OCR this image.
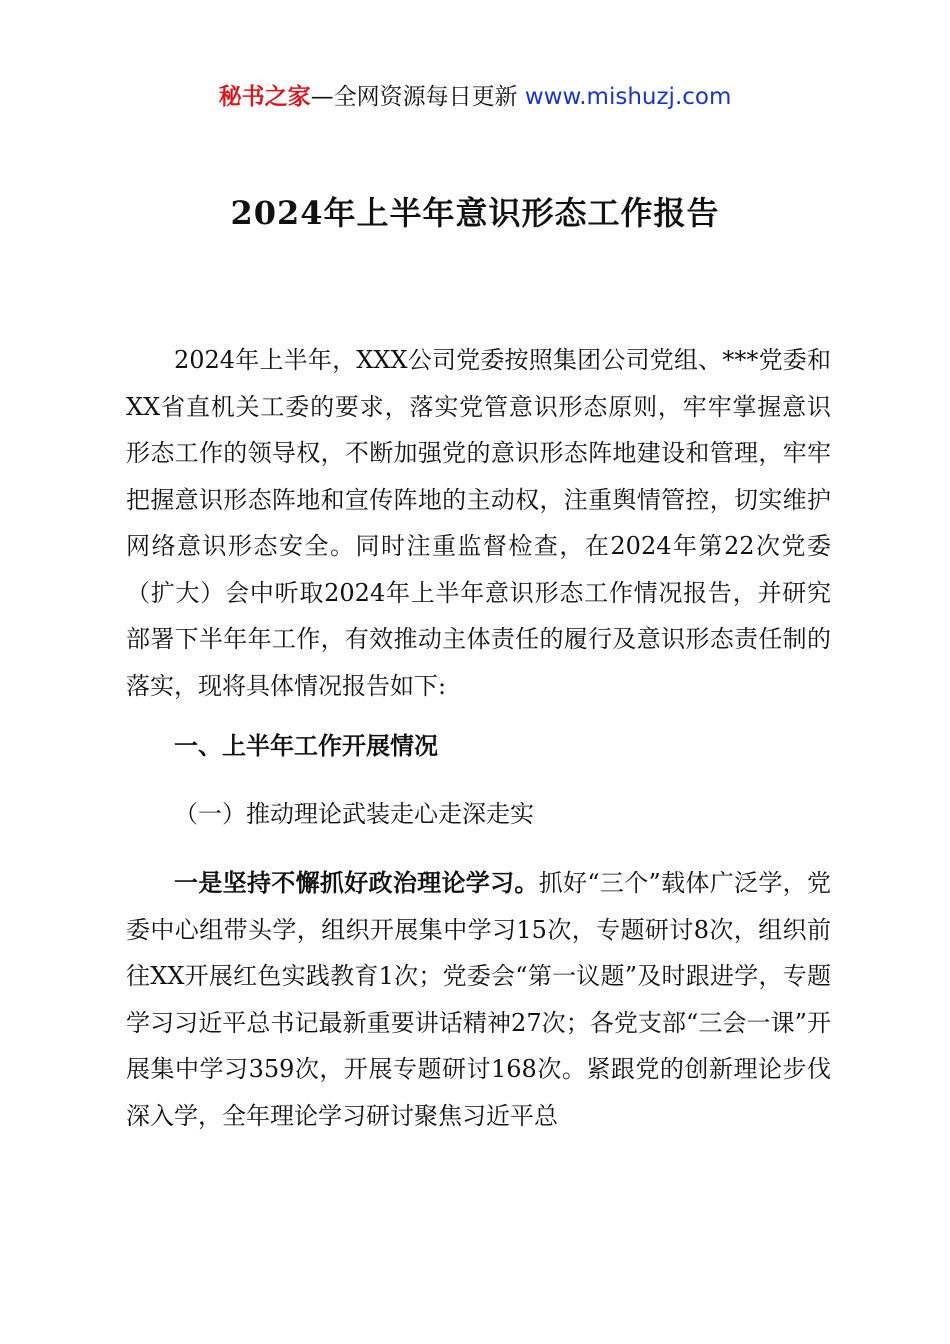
秘书之家—全网资源每日更新 www.mishuzj.com
2024年上半年意识形态工作报告

2024年上半年，XXX公司党委按照集团公司党组、***党委和XX省直机关工委的要求，落实党管意识形态原则，牢牢掌握意识形态工作的领导权，不断加强党的意识形态阵地建设和管理，牢牢把握意识形态阵地和宣传阵地的主动权，注重舆情管控，切实维护网络意识形态安全。同时注重监督检查，在2024年第22次党委（扩大）会中听取2024年上半年意识形态工作情况报告，并研究部署下半年年工作，有效推动主体责任的履行及意识形态责任制的落实，现将具体情况报告如下:

一、上半年工作开展情况

（一）推动理论武装走心走深走实

一是坚持不懈抓好政治理论学习。抓好“三个”载体广泛学，党委中心组带头学，组织开展集中学习15次，专题研讨8次，组织前往XX开展红色实践教育1次；党委会“第一议题”及时跟进学，专题学习习近平总书记最新重要讲话精神27次；各党支部“三会一课”开展集中学习359次，开展专题研讨168次。紧跟党的创新理论步伐深入学，全年理论学习研讨聚焦习近平总
